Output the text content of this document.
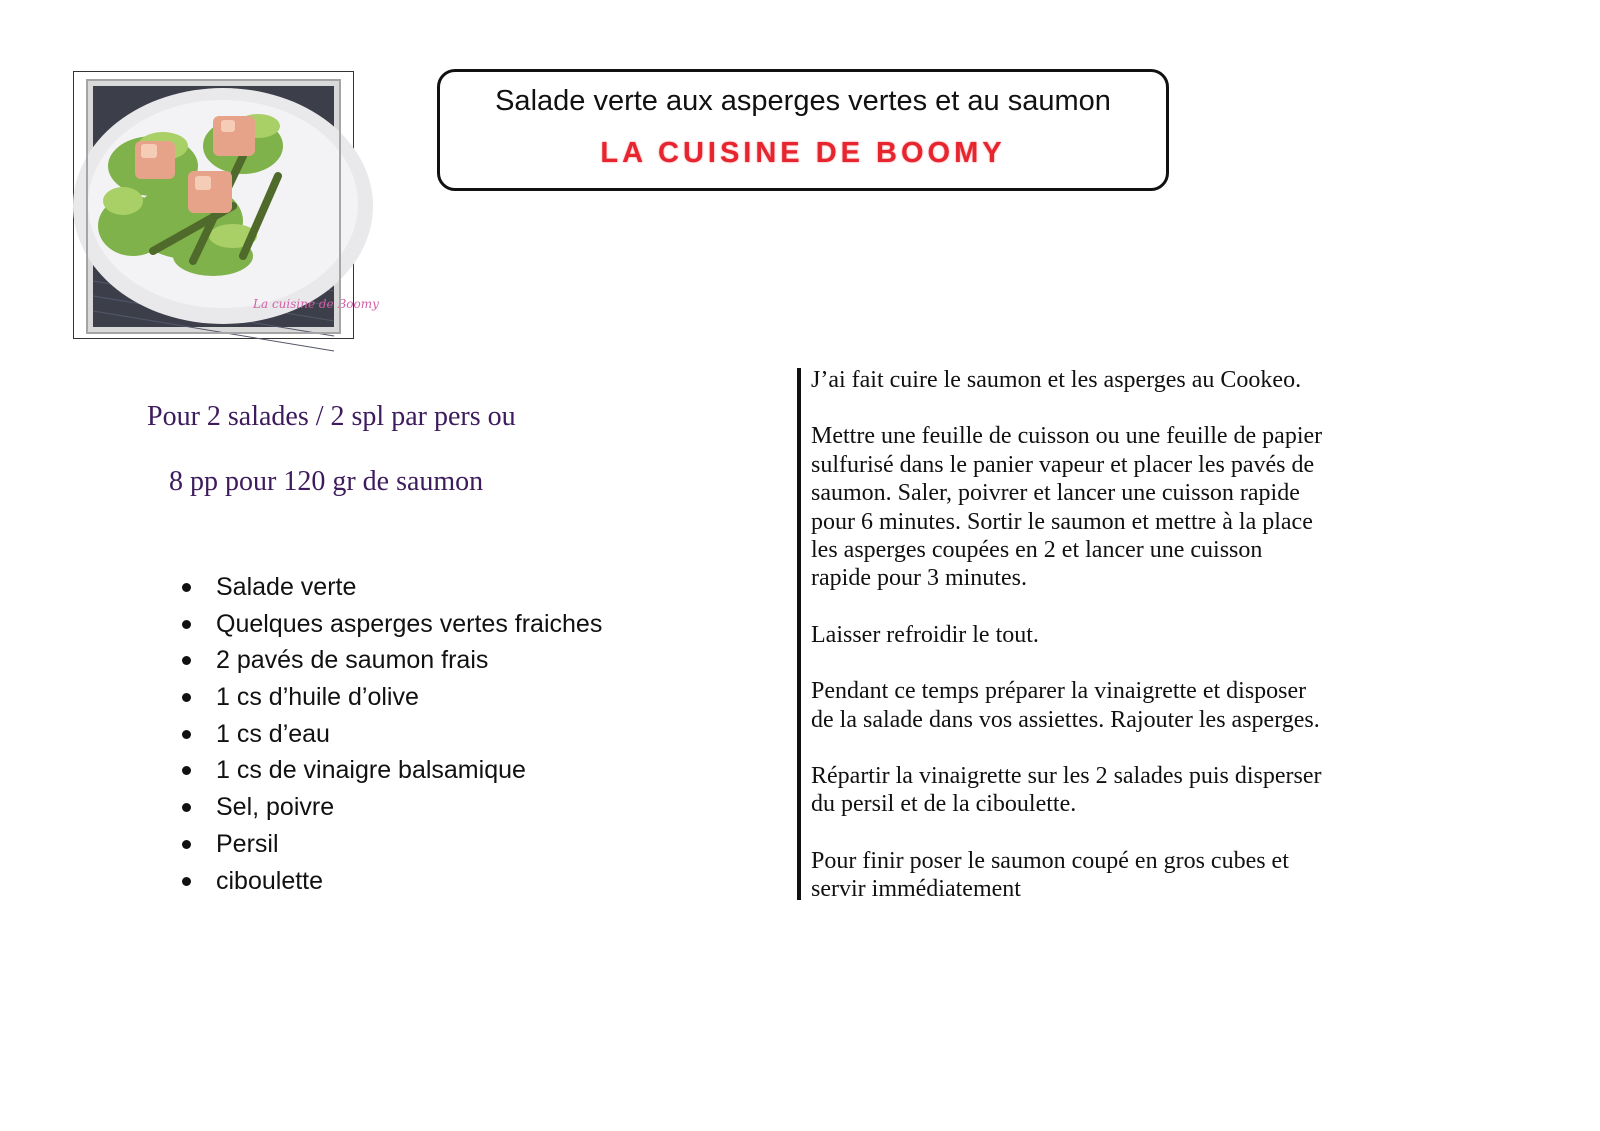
La cuisine de Boomy
Salade verte aux asperges vertes et au saumon
LA CUISINE DE BOOMY
Pour 2 salades / 2 spl par pers ou
8 pp pour 120 gr de saumon
Salade verte
Quelques asperges vertes fraiches
2 pavés de saumon frais
1 cs d’huile d’olive
1 cs d’eau
1 cs de vinaigre balsamique
Sel, poivre
Persil
ciboulette

J’ai fait cuire le saumon et les asperges au Cookeo.

Mettre une feuille de cuisson ou une feuille de papier
sulfurisé dans le panier vapeur et placer les pavés de
saumon. Saler, poivrer et lancer une cuisson rapide
pour 6 minutes. Sortir le saumon et mettre à la place
les asperges coupées en 2 et lancer une cuisson
rapide pour 3 minutes.

Laisser refroidir le tout.

Pendant ce temps préparer la vinaigrette et disposer
de la salade dans vos assiettes. Rajouter les asperges.

Répartir la vinaigrette sur les 2 salades puis disperser
du persil et de la ciboulette.

Pour finir poser le saumon coupé en gros cubes et
servir immédiatement
